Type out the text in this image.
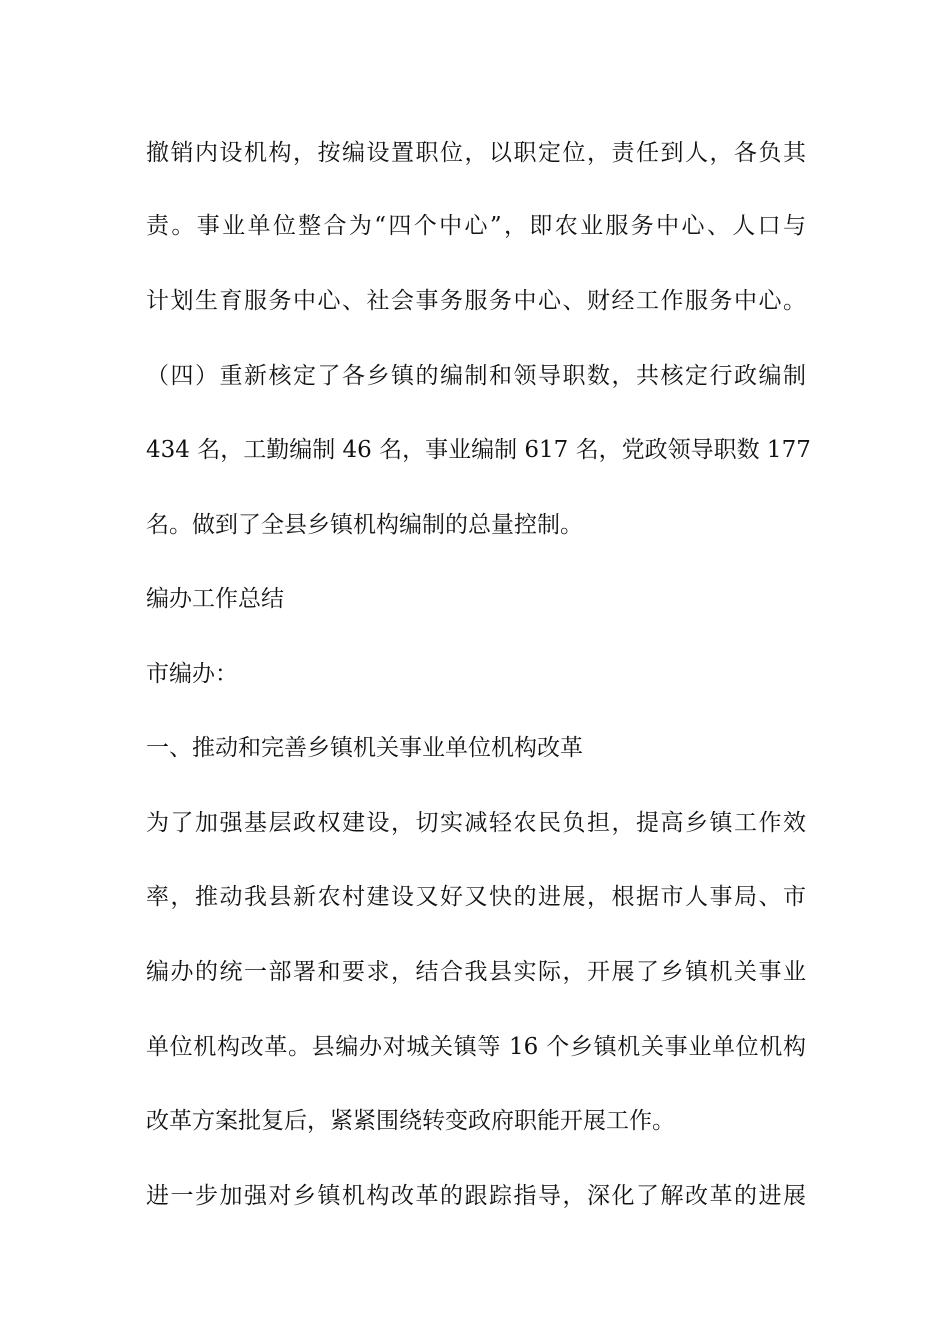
撤销内设机构，按编设置职位，以职定位，责任到人，各负其
责。事业单位整合为“四个中心”，即农业服务中心、人口与
计划生育服务中心、社会事务服务中心、财经工作服务中心。
（四）重新核定了各乡镇的编制和领导职数，共核定行政编制
434 名，工勤编制 46 名，事业编制 617 名，党政领导职数 177
名。做到了全县乡镇机构编制的总量控制。
编办工作总结
市编办：
一、推动和完善乡镇机关事业单位机构改革
为了加强基层政权建设，切实减轻农民负担，提高乡镇工作效
率，推动我县新农村建设又好又快的进展，根据市人事局、市
编办的统一部署和要求，结合我县实际，开展了乡镇机关事业
单位机构改革。县编办对城关镇等 16 个乡镇机关事业单位机构
改革方案批复后，紧紧围绕转变政府职能开展工作。
进一步加强对乡镇机构改革的跟踪指导，深化了解改革的进展
